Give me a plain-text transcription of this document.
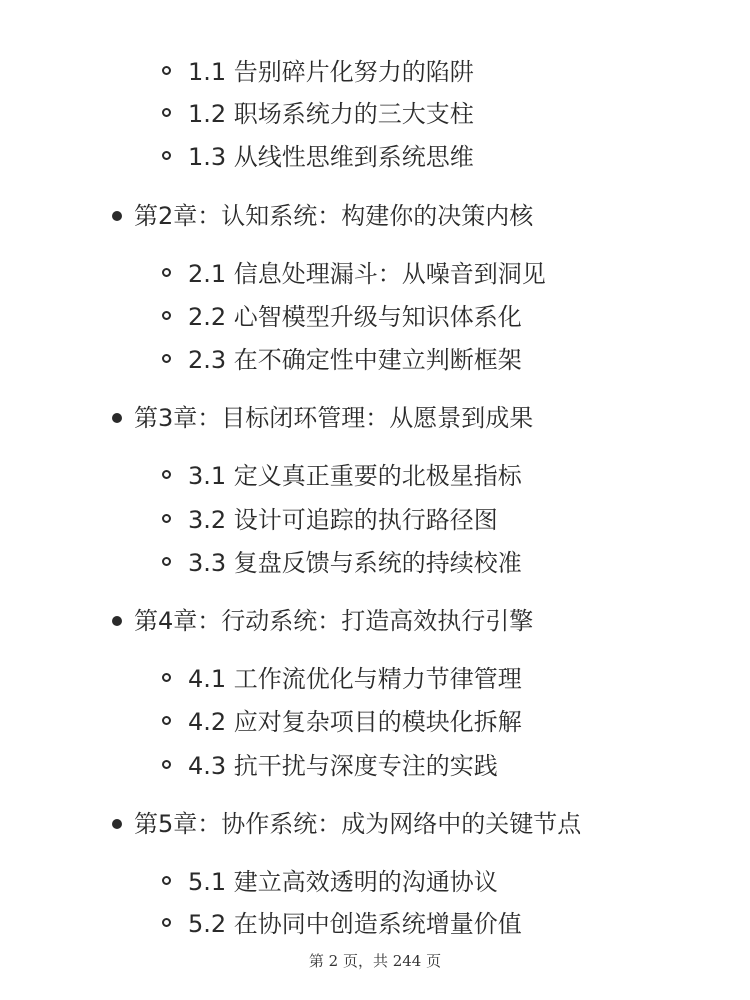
1.1 告别碎片化努力的陷阱
1.2 职场系统力的三大支柱
1.3 从线性思维到系统思维
第2章：认知系统：构建你的决策内核
2.1 信息处理漏斗：从噪音到洞见
2.2 心智模型升级与知识体系化
2.3 在不确定性中建立判断框架
第3章：目标闭环管理：从愿景到成果
3.1 定义真正重要的北极星指标
3.2 设计可追踪的执行路径图
3.3 复盘反馈与系统的持续校准
第4章：行动系统：打造高效执行引擎
4.1 工作流优化与精力节律管理
4.2 应对复杂项目的模块化拆解
4.3 抗干扰与深度专注的实践
第5章：协作系统：成为网络中的关键节点
5.1 建立高效透明的沟通协议
5.2 在协同中创造系统增量价值
第 2 页，共 244 页
